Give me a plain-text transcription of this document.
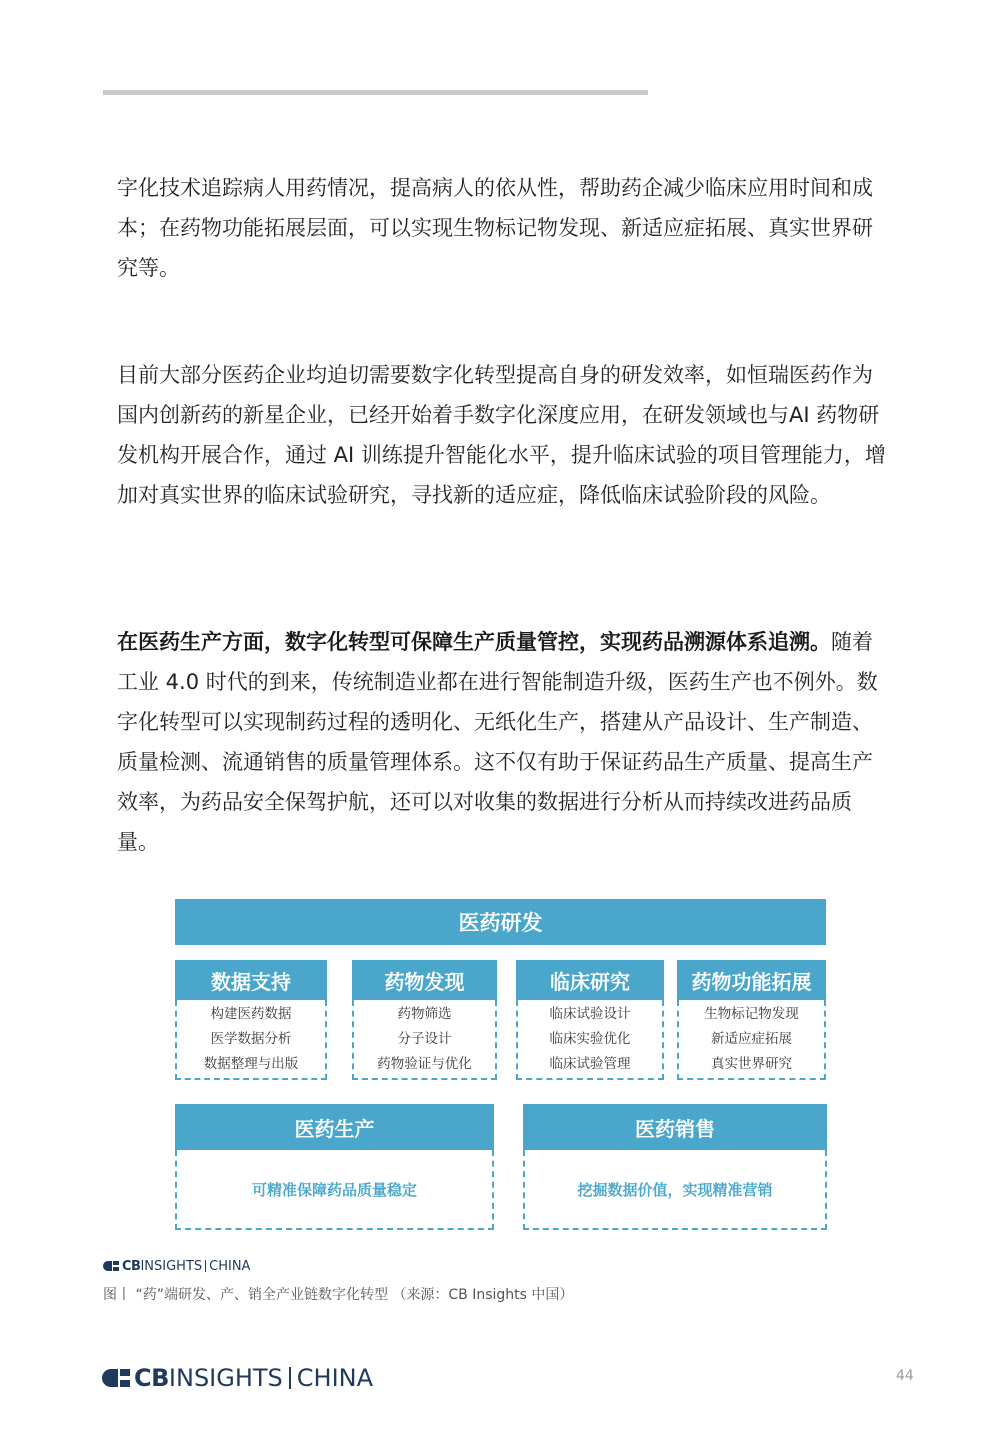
字化技术追踪病人用药情况，提高病人的依从性，帮助药企减少临床应用时间和成本；在药物功能拓展层面，可以实现生物标记物发现、新适应症拓展、真实世界研究等。

目前大部分医药企业均迫切需要数字化转型提高自身的研发效率，如恒瑞医药作为国内创新药的新星企业，已经开始着手数字化深度应用，在研发领域也与AI 药物研发机构开展合作，通过 AI 训练提升智能化水平，提升临床试验的项目管理能力，增加对真实世界的临床试验研究，寻找新的适应症，降低临床试验阶段的风险。

在医药生产方面，数字化转型可保障生产质量管控，实现药品溯源体系追溯。随着工业 4.0 时代的到来，传统制造业都在进行智能制造升级，医药生产也不例外。数字化转型可以实现制药过程的透明化、无纸化生产，搭建从产品设计、生产制造、质量检测、流通销售的质量管理体系。这不仅有助于保证药品生产质量、提高生产效率，为药品安全保驾护航，还可以对收集的数据进行分析从而持续改进药品质量。

医药研发
数据支持
构建医药数据
医学数据分析
数据整理与出版
药物发现
药物筛选
分子设计
药物验证与优化
临床研究
临床试验设计
临床实验优化
临床试验管理
药物功能拓展
生物标记物发现
新适应症拓展
真实世界研究
医药生产
可精准保障药品质量稳定
医药销售
挖掘数据价值，实现精准营销
CB INSIGHTS CHINA
图丨 “药”端研发、产、销全产业链数字化转型 （来源：CB Insights 中国）
CB INSIGHTS CHINA	44
